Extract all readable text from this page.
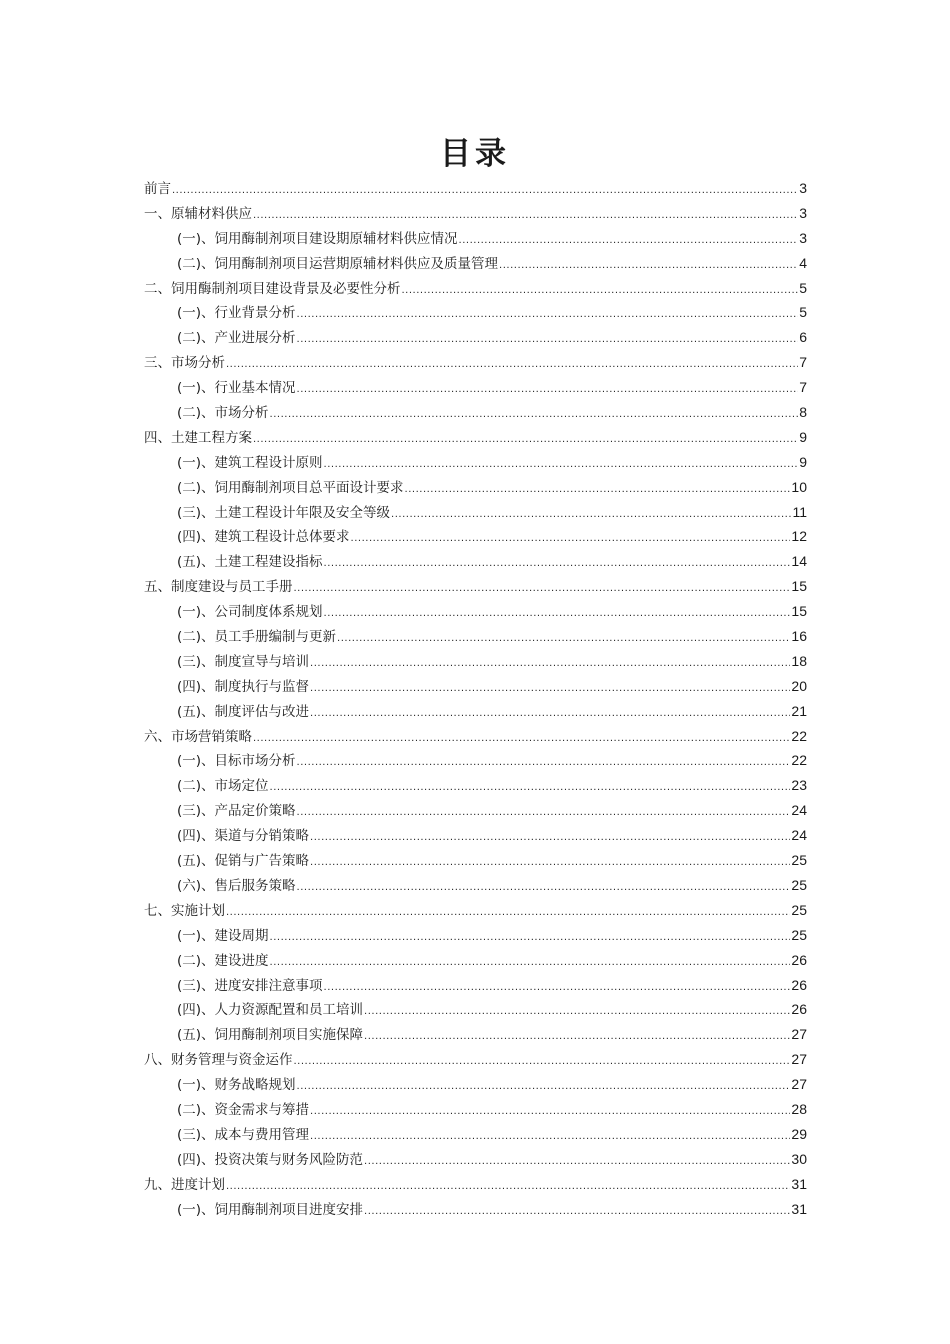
目录
前言 .....	3
一、原辅材料供应 .....	3
(一)、饲用酶制剂项目建设期原辅材料供应情况 .....	3
(二)、饲用酶制剂项目运营期原辅材料供应及质量管理 .....	4
二、饲用酶制剂项目建设背景及必要性分析 .....	5
(一)、行业背景分析 .....	5
(二)、产业进展分析 .....	6
三、市场分析 .....	7
(一)、行业基本情况 .....	7
(二)、市场分析 .....	8
四、土建工程方案 .....	9
(一)、建筑工程设计原则 .....	9
(二)、饲用酶制剂项目总平面设计要求 .....	10
(三)、土建工程设计年限及安全等级 .....	11
(四)、建筑工程设计总体要求 .....	12
(五)、土建工程建设指标 .....	14
五、制度建设与员工手册 .....	15
(一)、公司制度体系规划 .....	15
(二)、员工手册编制与更新 .....	16
(三)、制度宣导与培训 .....	18
(四)、制度执行与监督 .....	20
(五)、制度评估与改进 .....	21
六、市场营销策略 .....	22
(一)、目标市场分析 .....	22
(二)、市场定位 .....	23
(三)、产品定价策略 .....	24
(四)、渠道与分销策略 .....	24
(五)、促销与广告策略 .....	25
(六)、售后服务策略 .....	25
七、实施计划 .....	25
(一)、建设周期 .....	25
(二)、建设进度 .....	26
(三)、进度安排注意事项 .....	26
(四)、人力资源配置和员工培训 .....	26
(五)、饲用酶制剂项目实施保障 .....	27
八、财务管理与资金运作 .....	27
(一)、财务战略规划 .....	27
(二)、资金需求与筹措 .....	28
(三)、成本与费用管理 .....	29
(四)、投资决策与财务风险防范 .....	30
九、进度计划 .....	31
(一)、饲用酶制剂项目进度安排 .....	31
